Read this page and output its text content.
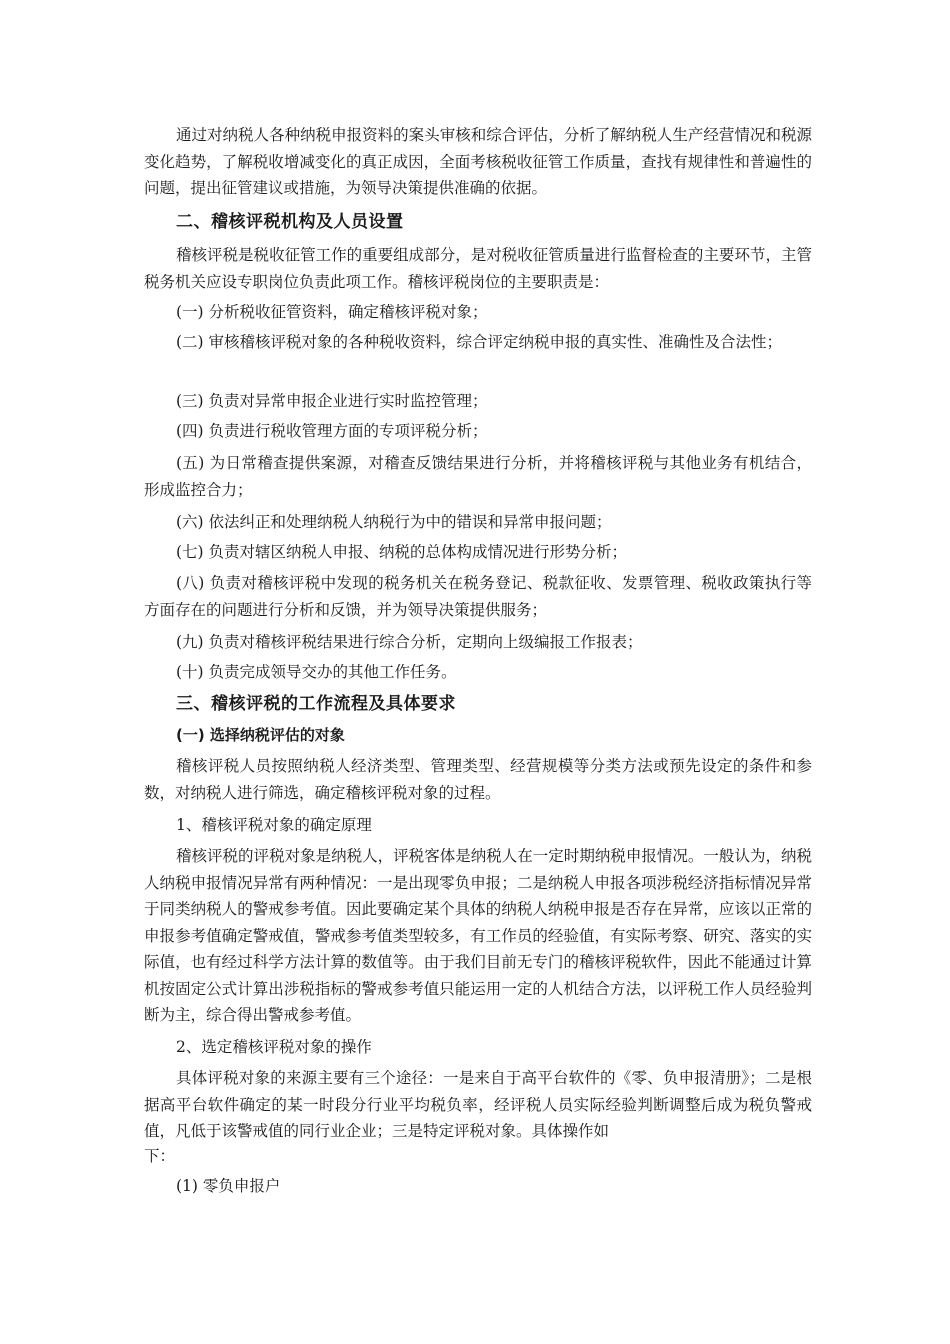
通过对纳税人各种纳税申报资料的案头审核和综合评估，分析了解纳税人生产经营情况和税源变化趋势，了解税收增减变化的真正成因，全面考核税收征管工作质量，查找有规律性和普遍性的问题，提出征管建议或措施，为领导决策提供准确的依据。

二、稽核评税机构及人员设置

稽核评税是税收征管工作的重要组成部分，是对税收征管质量进行监督检查的主要环节，主管税务机关应设专职岗位负责此项工作。稽核评税岗位的主要职责是：

(一) 分析税收征管资料，确定稽核评税对象；

(二) 审核稽核评税对象的各种税收资料，综合评定纳税申报的真实性、准确性及合法性；

(三) 负责对异常申报企业进行实时监控管理；

(四) 负责进行税收管理方面的专项评税分析；

(五) 为日常稽查提供案源，对稽查反馈结果进行分析，并将稽核评税与其他业务有机结合，形成监控合力；

(六) 依法纠正和处理纳税人纳税行为中的错误和异常申报问题；

(七) 负责对辖区纳税人申报、纳税的总体构成情况进行形势分析；

(八) 负责对稽核评税中发现的税务机关在税务登记、税款征收、发票管理、税收政策执行等方面存在的问题进行分析和反馈，并为领导决策提供服务；

(九) 负责对稽核评税结果进行综合分析，定期向上级编报工作报表；

(十) 负责完成领导交办的其他工作任务。

三、稽核评税的工作流程及具体要求
(一) 选择纳税评估的对象

稽核评税人员按照纳税人经济类型、管理类型、经营规模等分类方法或预先设定的条件和参数，对纳税人进行筛选，确定稽核评税对象的过程。

1、稽核评税对象的确定原理

稽核评税的评税对象是纳税人，评税客体是纳税人在一定时期纳税申报情况。一般认为，纳税人纳税申报情况异常有两种情况：一是出现零负申报；二是纳税人申报各项涉税经济指标情况异常于同类纳税人的警戒参考值。因此要确定某个具体的纳税人纳税申报是否存在异常，应该以正常的申报参考值确定警戒值，警戒参考值类型较多，有工作员的经验值，有实际考察、研究、落实的实际值，也有经过科学方法计算的数值等。由于我们目前无专门的稽核评税软件，因此不能通过计算机按固定公式计算出涉税指标的警戒参考值只能运用一定的人机结合方法，以评税工作人员经验判断为主，综合得出警戒参考值。

2、选定稽核评税对象的操作

具体评税对象的来源主要有三个途径：一是来自于高平台软件的《零、负申报清册》；二是根据高平台软件确定的某一时段分行业平均税负率，经评税人员实际经验判断调整后成为税负警戒值，凡低于该警戒值的同行业企业；三是特定评税对象。具体操作如

下：

(1) 零负申报户
